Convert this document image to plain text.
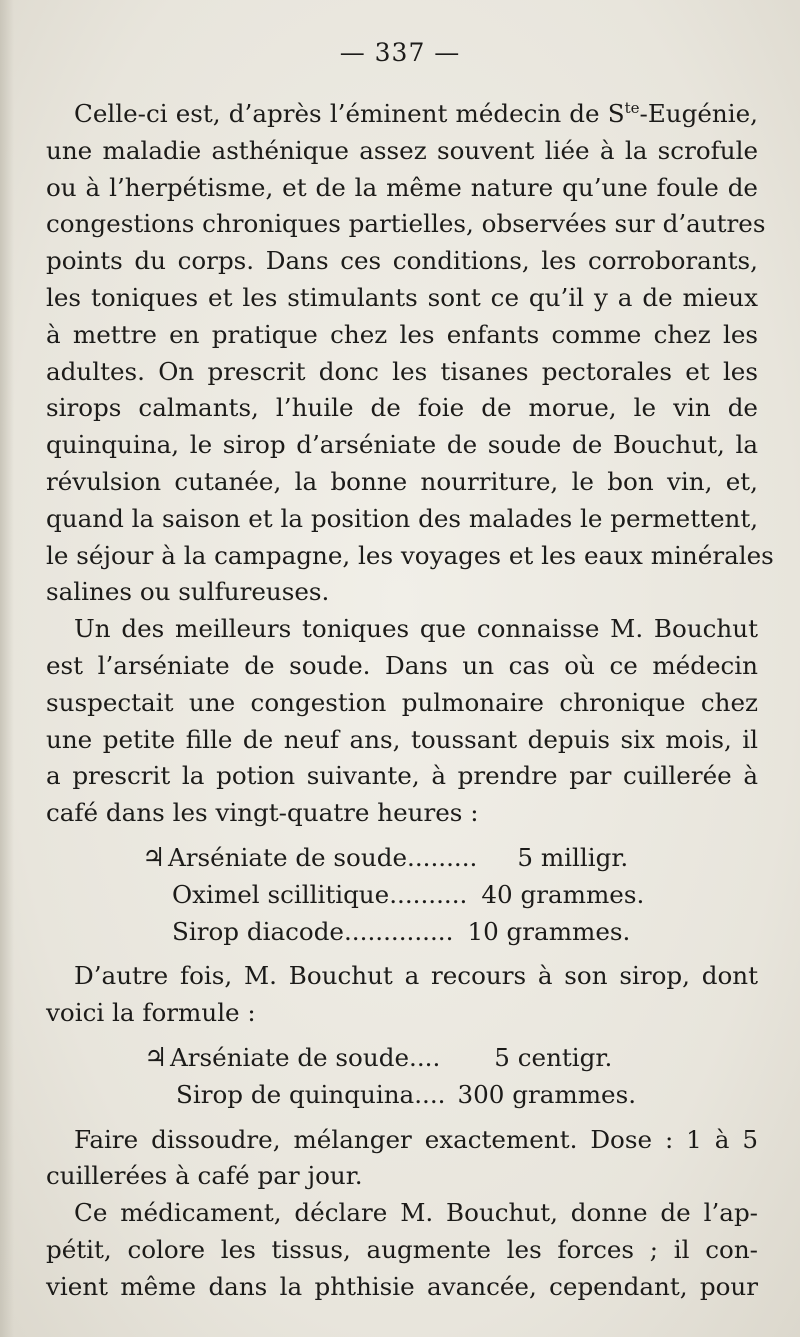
— 337 —
Celle-ci est, d’après l’éminent médecin de $S^{te}$-Eugénie,
une maladie asthénique assez souvent liée à la scrofule
ou à l’herpétisme, et de la même nature qu’une foule de
congestions chroniques partielles, observées sur d’autres
points du corps. Dans ces conditions, les corroborants,
les toniques et les stimulants sont ce qu’il y a de mieux
à mettre en pratique chez les enfants comme chez les
adultes. On prescrit donc les tisanes pectorales et les
sirops calmants, l’huile de foie de morue, le vin de
quinquina, le sirop d’arséniate de soude de Bouchut, la
révulsion cutanée, la bonne nourriture, le bon vin, et,
quand la saison et la position des malades le permettent,
le séjour à la campagne, les voyages et les eaux minérales
salines ou sulfureuses.
Un des meilleurs toniques que connaisse M. Bouchut
est l’arséniate de soude. Dans un cas où ce médecin
suspectait une congestion pulmonaire chronique chez
une petite fille de neuf ans, toussant depuis six mois, il
a prescrit la potion suivante, à prendre par cuillerée à
café dans les vingt-quatre heures :
♃ Arséniate de soude......... 5 milligr.
Oximel scillitique.......... 40 grammes.
Sirop diacode.............. 10 grammes.
D’autre fois, M. Bouchut a recours à son sirop, dont
voici la formule :
♃ Arséniate de soude.... 5 centigr.
Sirop de quinquina.... 300 grammes.
Faire dissoudre, mélanger exactement. Dose : 1 à 5
cuillerées à café par jour.
Ce médicament, déclare M. Bouchut, donne de l’ap-
pétit, colore les tissus, augmente les forces ; il con-
vient même dans la phthisie avancée, cependant, pour
